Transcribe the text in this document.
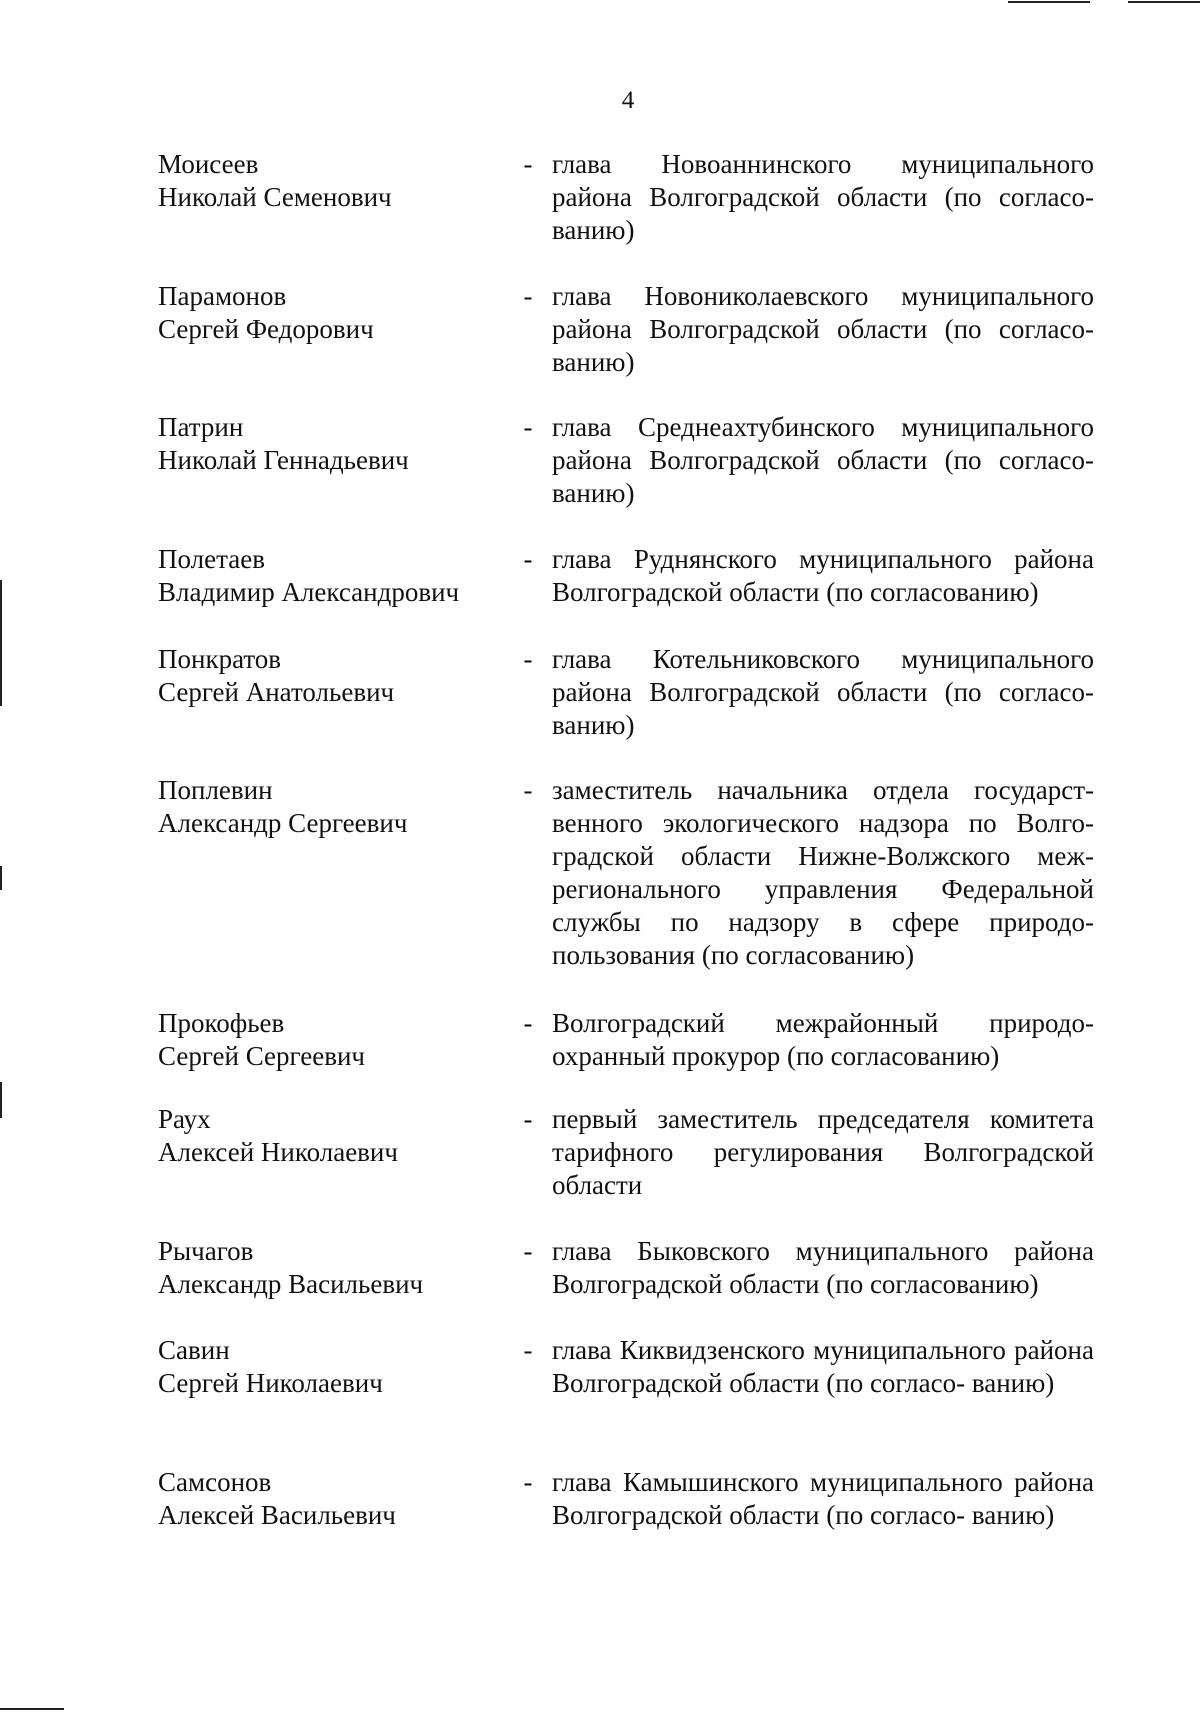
4
Моисеев
Николай Семенович
- глава Новоаннинского муниципального района Волгоградской области (по согласо- ванию)
Парамонов
Сергей Федорович
- глава Новониколаевского муниципального района Волгоградской области (по согласо- ванию)
Патрин
Николай Геннадьевич
- глава Среднеахтубинского муниципального района Волгоградской области (по согласо- ванию)
Полетаев
Владимир Александрович
- глава Руднянского муниципального района Волгоградской области (по согласованию)
Понкратов
Сергей Анатольевич
- глава Котельниковского муниципального района Волгоградской области (по согласо- ванию)
Поплевин
Александр Сергеевич
- заместитель начальника отдела государст- венного экологического надзора по Волго- градской области Нижне-Волжского меж- регионального управления Федеральной службы по надзору в сфере природо- пользования (по согласованию)
Прокофьев
Сергей Сергеевич
- Волгоградский межрайонный природо- охранный прокурор (по согласованию)
Раух
Алексей Николаевич
- первый заместитель председателя комитета тарифного регулирования Волгоградской области
Рычагов
Александр Васильевич
- глава Быковского муниципального района Волгоградской области (по согласованию)
Савин
Сергей Николаевич
- глава Киквидзенского муниципального района Волгоградской области (по согласо- ванию)
Самсонов
Алексей Васильевич
- глава Камышинского муниципального района Волгоградской области (по согласо- ванию)
